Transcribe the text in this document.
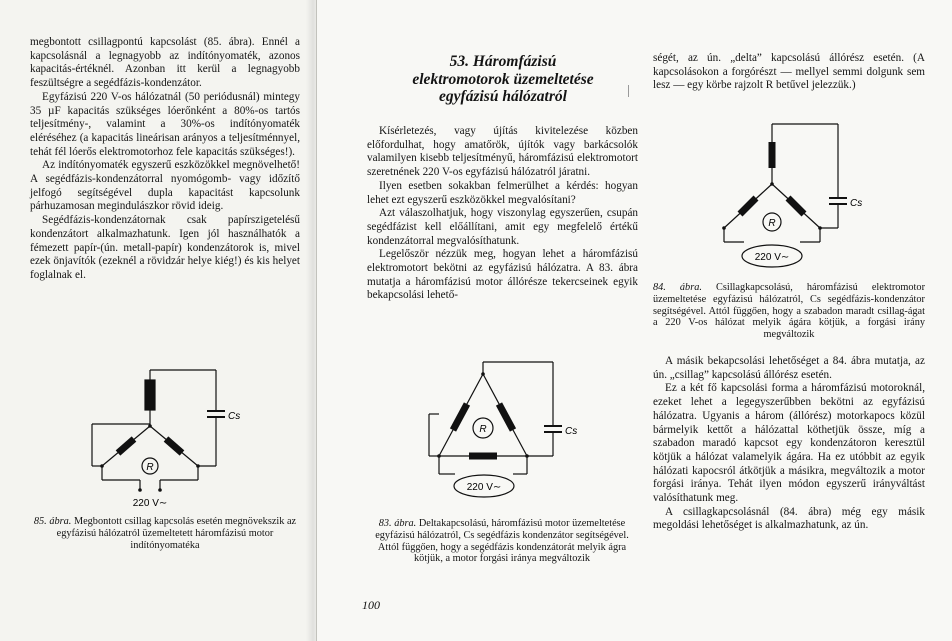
megbontott csillagpontú kapcsolást (85. ábra). Ennél a kapcsolásnál a legnagyobb az indítónyomaték, azonos kapacitás-értéknél. Azonban itt kerül a legnagyobb feszültségre a segédfázis-kondenzátor.

Egyfázisú 220 V-os hálózatnál (50 periódusnál) mintegy 35 µF kapacitás szükséges lóerőnként a 80%-os tartós teljesítmény-, valamint a 30%-os indítónyomaték eléréséhez (a kapacitás lineárisan arányos a teljesítménnyel, tehát fél lóerős elektromotorhoz fele kapacitás szükséges!).

Az indítónyomaték egyszerű eszközökkel megnövelhető! A segédfázis-kondenzátorral nyomógomb- vagy időzítő jelfogó segítségével dupla kapacitást kapcsolunk párhuzamosan megindulászkor rövid ideig.

Segédfázis-kondenzátornak csak papírszigetelésű kondenzátort alkalmazhatunk. Igen jól használhatók a fémezett papír-(ún. metall-papír) kondenzátorok is, mivel ezek önjavítók (ezeknél a rövidzár helye kiég!) és kis helyet foglalnak el.

Cs
R
220 V∼
85. ábra. Megbontott csillag kapcsolás esetén megnövekszik az egyfázisú hálózatról üzemeltetett háromfázisú motor indítónyomatéka
53. Háromfázisú
elektromotorok üzemeltetése
egyfázisú hálózatról

Kísérletezés, vagy újítás kivitelezése közben előfordulhat, hogy amatőrök, újítók vagy barkácsolók valamilyen kisebb teljesítményű, háromfázisú elektromotort szeretnének 220 V-os egyfázisú hálózatról járatni.

Ilyen esetben sokakban felmerülhet a kérdés: hogyan lehet ezt egyszerű eszközökkel megvalósítani?

Azt válaszolhatjuk, hogy viszonylag egyszerűen, csupán segédfázist kell előállítani, amit egy megfelelő értékű kondenzátorral megvalósíthatunk.

Legelőször nézzük meg, hogyan lehet a háromfázisú elektromotort bekötni az egyfázisú hálózatra. A 83. ábra mutatja a háromfázisú motor állórésze tekercseinek egyik bekapcsolási lehető-

Cs
R
220 V∼
83. ábra. Deltakapcsolású, háromfázisú motor üzemeltetése egyfázisú hálózatról, Cs segédfázis kondenzátor segítségével. Attól függően, hogy a segédfázis kondenzátorát melyik ágra kötjük, a motor forgási iránya megváltozik
100

ségét, az ún. „delta” kapcsolású állórész esetén. (A kapcsolásokon a forgórészt — mellyel semmi dolgunk sem lesz — egy körbe rajzolt R betűvel jelezzük.)

Cs
R
220 V∼
84. ábra. Csillagkapcsolású, háromfázisú elektromotor üzemeltetése egyfázisú hálózatról, Cs segédfázis-kondenzátor segítségével. Attól függően, hogy a szabadon maradt csillag-ágat a 220 V-os hálózat melyik ágára kötjük, a forgási irány megváltozik

A másik bekapcsolási lehetőséget a 84. ábra mutatja, az ún. „csillag” kapcsolású állórész esetén.

Ez a két fő kapcsolási forma a háromfázisú motoroknál, ezeket lehet a legegyszerűbben bekötni az egyfázisú hálózatra. Ugyanis a három (állórész) motorkapocs közül bármelyik kettőt a hálózattal köthetjük össze, míg a szabadon maradó kapcsot egy kondenzátoron keresztül kötjük a hálózat valamelyik ágára. Ha ez utóbbit az egyik hálózati kapocsról átkötjük a másikra, megváltozik a motor forgási iránya. Tehát ilyen módon egyszerű irányváltást valósíthatunk meg.

A csillagkapcsolásnál (84. ábra) még egy másik megoldási lehetőséget is alkalmazhatunk, az ún.
